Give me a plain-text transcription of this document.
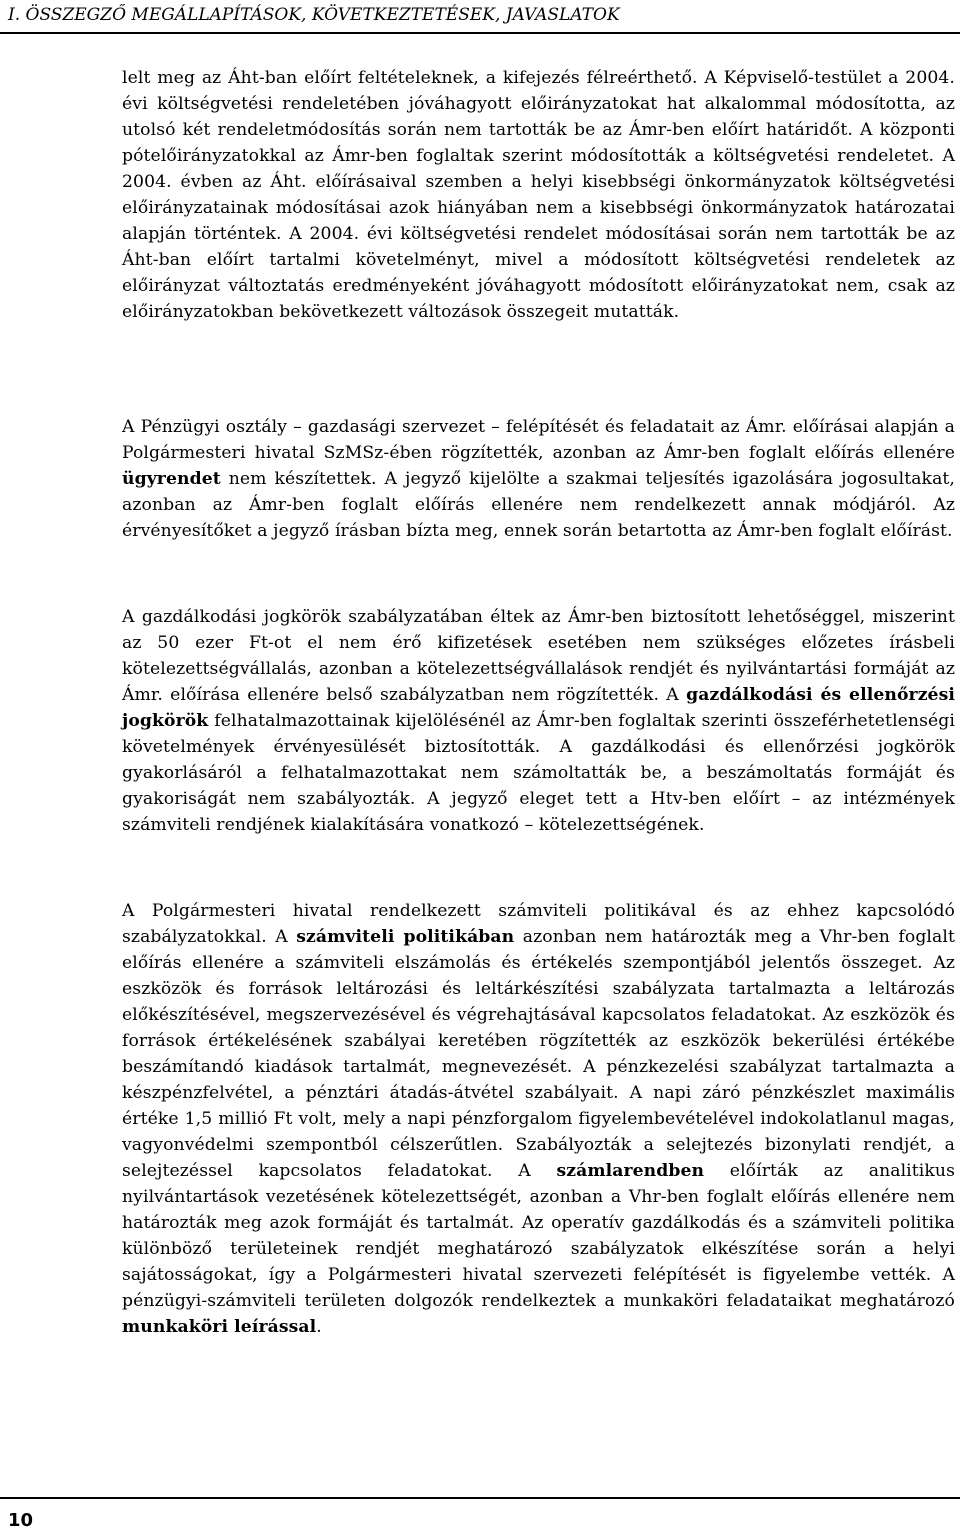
I. ÖSSZEGZŐ MEGÁLLAPÍTÁSOK, KÖVETKEZTETÉSEK, JAVASLATOK

lelt meg az Áht-ban előírt feltételeknek, a kifejezés félreérthető. A Képviselő-testület a 2004. évi költségvetési rendeletében jóváhagyott előirányzatokat hat alkalommal módosította, az utolsó két rendeletmódosítás során nem tartották be az Ámr-ben előírt határidőt. A központi pótelőirányzatokkal az Ámr-ben foglaltak szerint módosították a költségvetési rendeletet. A 2004. évben az Áht. előírásaival szemben a helyi kisebbségi önkormányzatok költségvetési előirányzatainak módosításai azok hiányában nem a kisebbségi önkormányzatok határozatai alapján történtek. A 2004. évi költségvetési rendelet módosításai során nem tartották be az Áht-ban előírt tartalmi követelményt, mivel a módosított költségvetési rendeletek az előirányzat változtatás eredményeként jóváhagyott módosított előirányzatokat nem, csak az előirányzatokban bekövetkezett változások összegeit mutatták.

A Pénzügyi osztály – gazdasági szervezet – felépítését és feladatait az Ámr. előírásai alapján a Polgármesteri hivatal SzMSz-ében rögzítették, azonban az Ámr-ben foglalt előírás ellenére ügyrendet nem készítettek. A jegyző kijelölte a szakmai teljesítés igazolására jogosultakat, azonban az Ámr-ben foglalt előírás ellenére nem rendelkezett annak módjáról. Az érvényesítőket a jegyző írásban bízta meg, ennek során betartotta az Ámr-ben foglalt előírást.

A gazdálkodási jogkörök szabályzatában éltek az Ámr-ben biztosított lehetőséggel, miszerint az 50 ezer Ft-ot el nem érő kifizetések esetében nem szükséges előzetes írásbeli kötelezettségvállalás, azonban a kötelezettségvállalások rendjét és nyilvántartási formáját az Ámr. előírása ellenére belső szabályzatban nem rögzítették. A gazdálkodási és ellenőrzési jogkörök felhatalmazottainak kijelölésénél az Ámr-ben foglaltak szerinti összeférhetetlenségi követelmények érvényesülését biztosították. A gazdálkodási és ellenőrzési jogkörök gyakorlásáról a felhatalmazottakat nem számoltatták be, a beszámoltatás formáját és gyakoriságát nem szabályozták. A jegyző eleget tett a Htv-ben előírt – az intézmények számviteli rendjének kialakítására vonatkozó – kötelezettségének.

A Polgármesteri hivatal rendelkezett számviteli politikával és az ehhez kapcsolódó szabályzatokkal. A számviteli politikában azonban nem határozták meg a Vhr-ben foglalt előírás ellenére a számviteli elszámolás és értékelés szempontjából jelentős összeget. Az eszközök és források leltározási és leltárkészítési szabályzata tartalmazta a leltározás előkészítésével, megszervezésével és végrehajtásával kapcsolatos feladatokat. Az eszközök és források értékelésének szabályai keretében rögzítették az eszközök bekerülési értékébe beszámítandó kiadások tartalmát, megnevezését. A pénzkezelési szabályzat tartalmazta a készpénzfelvétel, a pénztári átadás-átvétel szabályait. A napi záró pénzkészlet maximális értéke 1,5 millió Ft volt, mely a napi pénzforgalom figyelembevételével indokolatlanul magas, vagyonvédelmi szempontból célszerűtlen. Szabályozták a selejtezés bizonylati rendjét, a selejtezéssel kapcsolatos feladatokat. A számlarendben előírták az analitikus nyilvántartások vezetésének kötelezettségét, azonban a Vhr-ben foglalt előírás ellenére nem határozták meg azok formáját és tartalmát. Az operatív gazdálkodás és a számviteli politika különböző területeinek rendjét meghatározó szabályzatok elkészítése során a helyi sajátosságokat, így a Polgármesteri hivatal szervezeti felépítését is figyelembe vették. A pénzügyi-számviteli területen dolgozók rendelkeztek a munkaköri feladataikat meghatározó munkaköri leírással.

10
